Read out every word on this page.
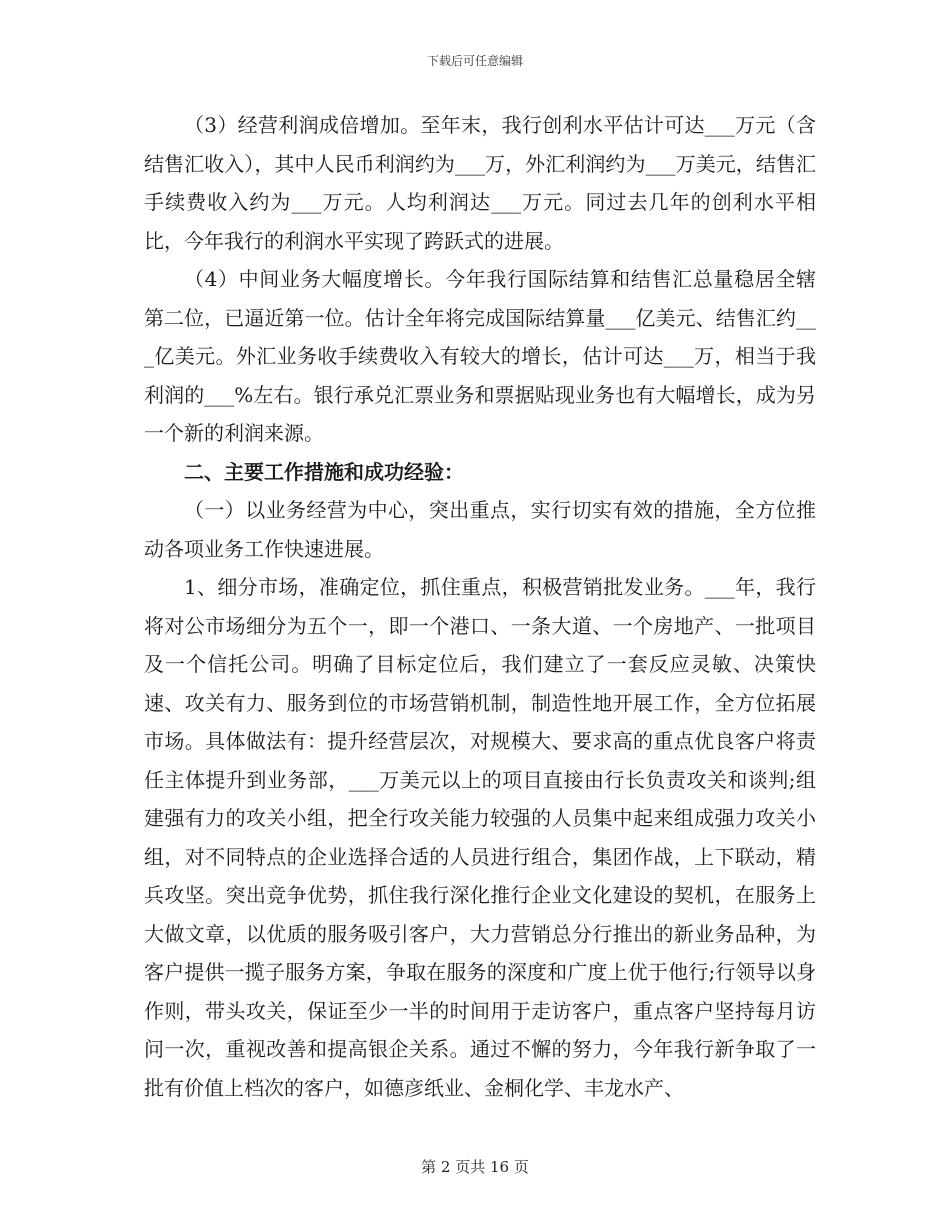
下载后可任意编辑

（3）经营利润成倍增加。至年末，我行创利水平估计可达___万元（含结售汇收入），其中人民币利润约为___万，外汇利润约为___万美元，结售汇手续费收入约为___万元。人均利润达___万元。同过去几年的创利水平相比，今年我行的利润水平实现了跨跃式的进展。

（4）中间业务大幅度增长。今年我行国际结算和结售汇总量稳居全辖第二位，已逼近第一位。估计全年将完成国际结算量___亿美元、结售汇约___亿美元。外汇业务收手续费收入有较大的增长，估计可达___万，相当于我利润的___%左右。银行承兑汇票业务和票据贴现业务也有大幅增长，成为另一个新的利润来源。

二、主要工作措施和成功经验：

（一）以业务经营为中心，突出重点，实行切实有效的措施，全方位推动各项业务工作快速进展。

1、细分市场，准确定位，抓住重点，积极营销批发业务。___年，我行将对公市场细分为五个一，即一个港口、一条大道、一个房地产、一批项目及一个信托公司。明确了目标定位后，我们建立了一套反应灵敏、决策快速、攻关有力、服务到位的市场营销机制，制造性地开展工作，全方位拓展市场。具体做法有：提升经营层次，对规模大、要求高的重点优良客户将责任主体提升到业务部，___万美元以上的项目直接由行长负责攻关和谈判;组建强有力的攻关小组，把全行攻关能力较强的人员集中起来组成强力攻关小组，对不同特点的企业选择合适的人员进行组合，集团作战，上下联动，精兵攻坚。突出竞争优势，抓住我行深化推行企业文化建设的契机，在服务上大做文章，以优质的服务吸引客户，大力营销总分行推出的新业务品种，为客户提供一揽子服务方案，争取在服务的深度和广度上优于他行;行领导以身作则，带头攻关，保证至少一半的时间用于走访客户，重点客户坚持每月访问一次，重视改善和提高银企关系。通过不懈的努力，今年我行新争取了一批有价值上档次的客户，如德彦纸业、金桐化学、丰龙水产、

第 2 页共 16 页
